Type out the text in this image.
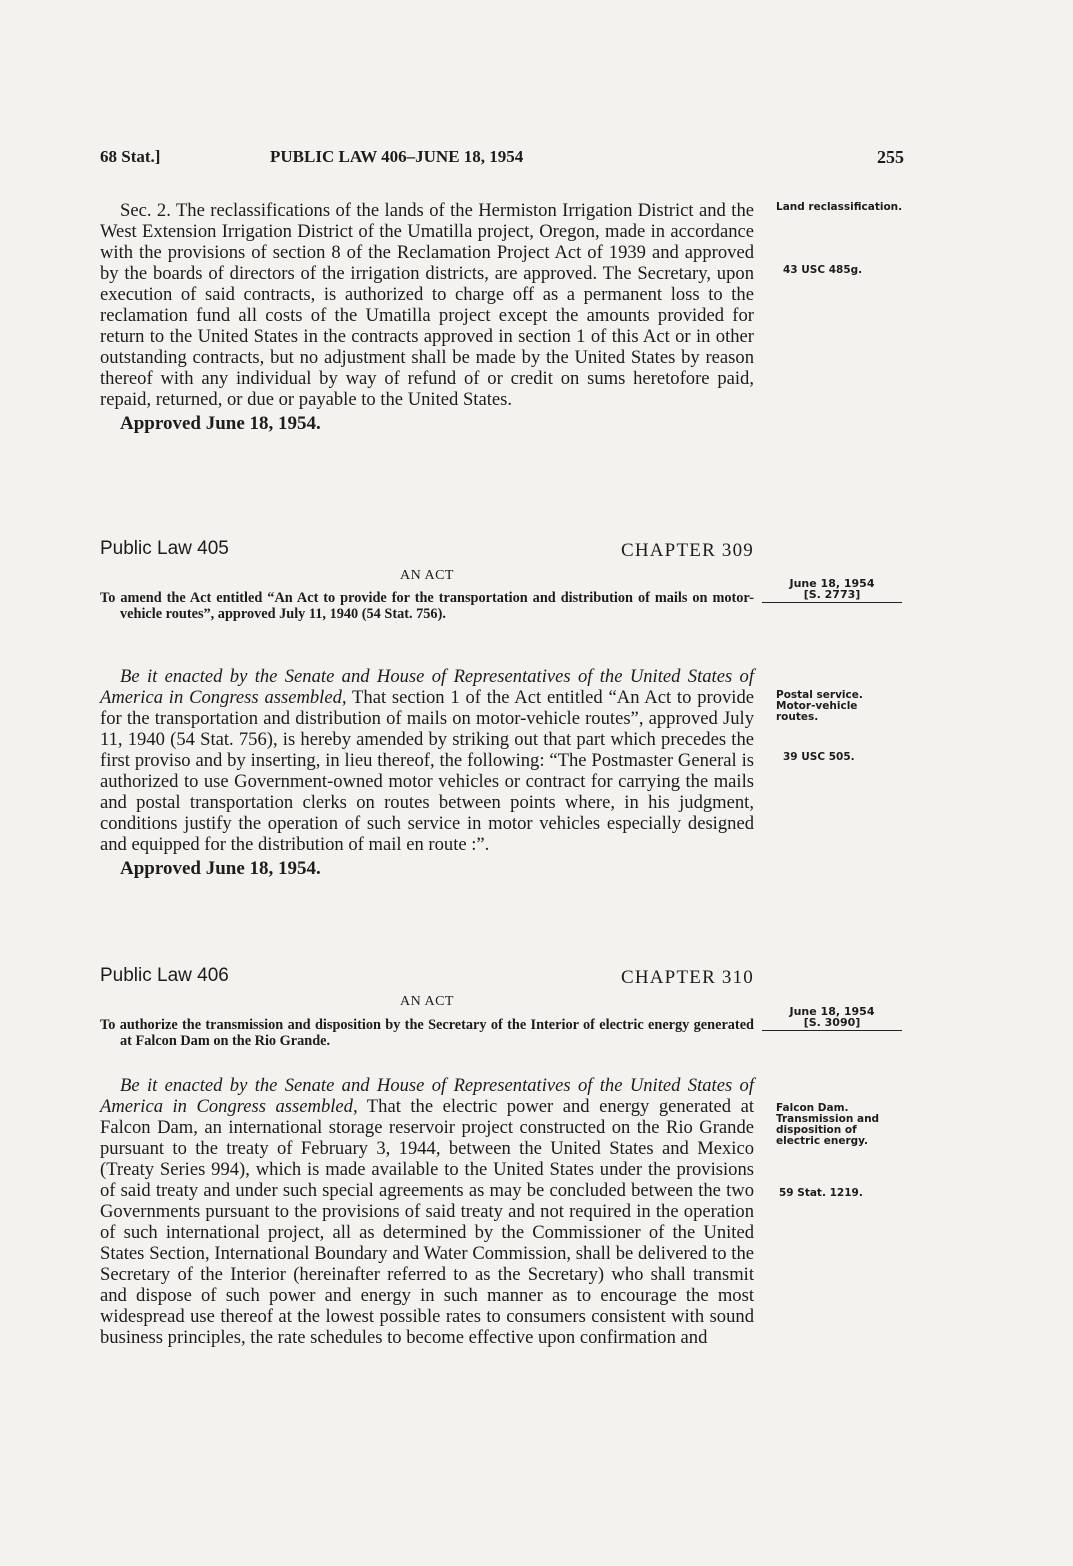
68 Stat.]	PUBLIC LAW 406–JUNE 18, 1954	255

Sec. 2. The reclassifications of the lands of the Hermiston Irrigation District and the West Extension Irrigation District of the Umatilla project, Oregon, made in accordance with the provisions of section 8 of the Reclamation Project Act of 1939 and approved by the boards of directors of the irrigation districts, are approved. The Secretary, upon execution of said contracts, is authorized to charge off as a permanent loss to the reclamation fund all costs of the Umatilla project except the amounts provided for return to the United States in the contracts approved in section 1 of this Act or in other outstanding contracts, but no adjustment shall be made by the United States by reason thereof with any individual by way of refund of or credit on sums heretofore paid, repaid, returned, or due or payable to the United States.

Approved June 18, 1954.

Public Law 405	CHAPTER 309
AN ACT

To amend the Act entitled “An Act to provide for the transportation and distribution of mails on motor-vehicle routes”, approved July 11, 1940 (54 Stat. 756).

Be it enacted by the Senate and House of Representatives of the United States of America in Congress assembled, That section 1 of the Act entitled “An Act to provide for the transportation and distribution of mails on motor-vehicle routes”, approved July 11, 1940 (54 Stat. 756), is hereby amended by striking out that part which precedes the first proviso and by inserting, in lieu thereof, the following: “The Postmaster General is authorized to use Government-owned motor vehicles or contract for carrying the mails and postal transportation clerks on routes between points where, in his judgment, conditions justify the operation of such service in motor vehicles especially designed and equipped for the distribution of mail en route :”.

Approved June 18, 1954.

Public Law 406	CHAPTER 310
AN ACT

To authorize the transmission and disposition by the Secretary of the Interior of electric energy generated at Falcon Dam on the Rio Grande.

Be it enacted by the Senate and House of Representatives of the United States of America in Congress assembled, That the electric power and energy generated at Falcon Dam, an international storage reservoir project constructed on the Rio Grande pursuant to the treaty of February 3, 1944, between the United States and Mexico (Treaty Series 994), which is made available to the United States under the provisions of said treaty and under such special agreements as may be concluded between the two Governments pursuant to the provisions of said treaty and not required in the operation of such international project, all as determined by the Commissioner of the United States Section, International Boundary and Water Commission, shall be delivered to the Secretary of the Interior (hereinafter referred to as the Secretary) who shall transmit and dispose of such power and energy in such manner as to encourage the most widespread use thereof at the lowest possible rates to consumers consistent with sound business principles, the rate schedules to become effective upon confirmation and

Land reclassification.
43 USC 485g.
June 18, 1954
[S. 2773]
Postal service.
Motor-vehicle routes.
39 USC 505.
June 18, 1954
[S. 3090]
Falcon Dam.
Transmission and disposition of electric energy.
59 Stat. 1219.
